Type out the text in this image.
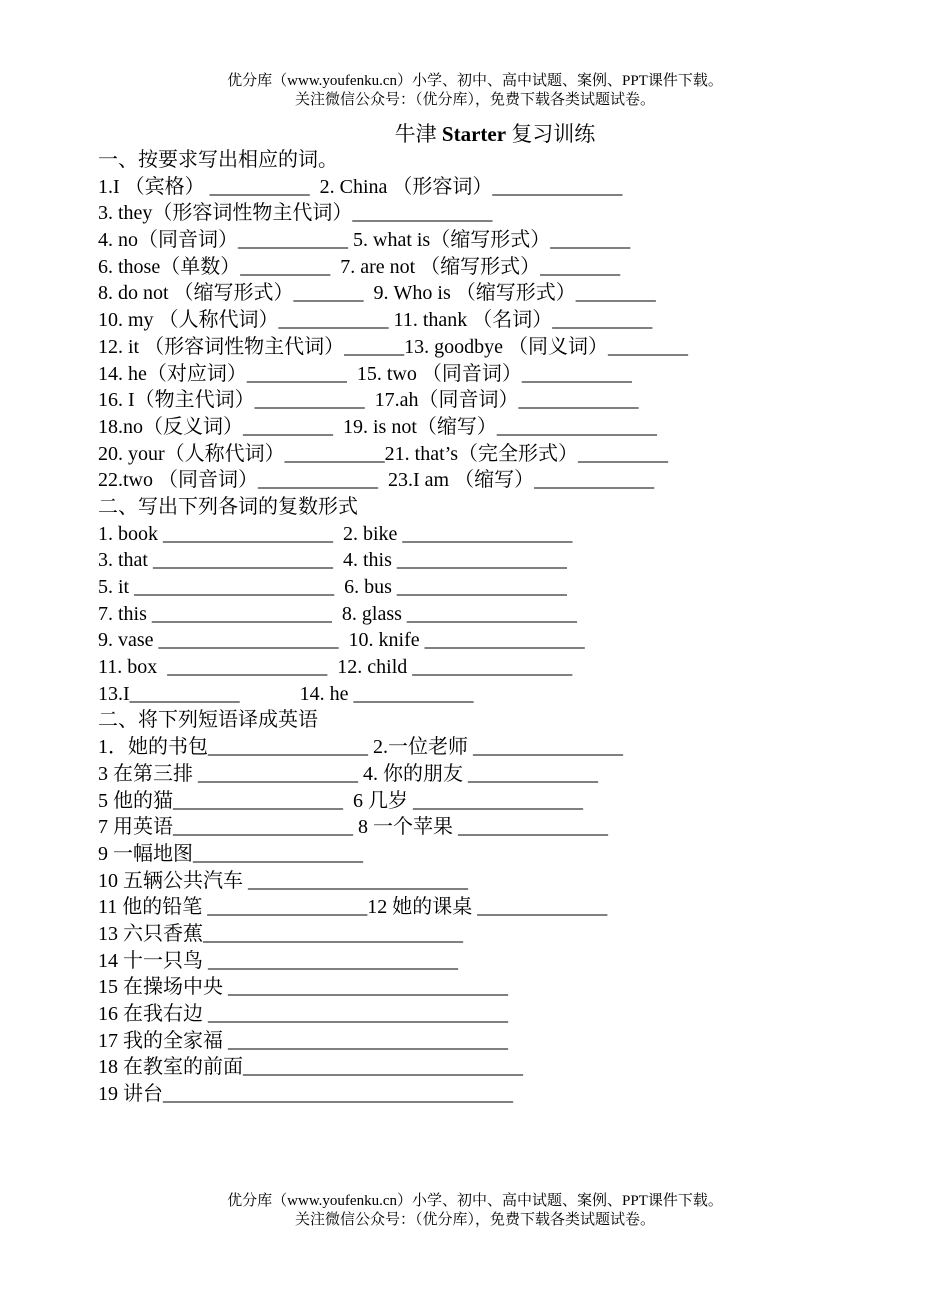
优分库（www.youfenku.cn）小学、初中、高中试题、案例、PPT课件下载。
关注微信公众号：（优分库），免费下载各类试题试卷。
牛津 Starter 复习训练
一、按要求写出相应的词。
1.I （宾格） __________  2. China （形容词）_____________
3. they（形容词性物主代词）______________
4. no（同音词）___________ 5. what is（缩写形式）________
6. those（单数）_________  7. are not （缩写形式）________
8. do not （缩写形式）_______  9. Who is （缩写形式）________
10. my （人称代词）___________ 11. thank （名词）__________
12. it （形容词性物主代词）______13. goodbye （同义词）________
14. he（对应词）__________  15. two （同音词）___________
16. I（物主代词）___________  17.ah（同音词）____________
18.no（反义词）_________  19. is not（缩写）________________
20. your（人称代词）__________21. that’s（完全形式）_________
22.two （同音词）____________  23.I am （缩写）____________
二、写出下列各词的复数形式
1. book _________________  2. bike _________________
3. that __________________  4. this _________________
5. it ____________________  6. bus _________________
7. this __________________  8. glass _________________
9. vase __________________  10. knife ________________
11. box  ________________  12. child ________________
13.I___________            14. he ____________
二、将下列短语译成英语
1．她的书包________________ 2.一位老师 _______________
3 在第三排 ________________ 4. 你的朋友 _____________
5 他的猫_________________  6 几岁 _________________
7 用英语__________________ 8 一个苹果 _______________
9 一幅地图_________________
10 五辆公共汽车 ______________________
11 他的铅笔 ________________12 她的课桌 _____________
13 六只香蕉__________________________
14 十一只鸟 _________________________
15 在操场中央 ____________________________
16 在我右边 ______________________________
17 我的全家福 ____________________________
18 在教室的前面____________________________
19 讲台___________________________________
优分库（www.youfenku.cn）小学、初中、高中试题、案例、PPT课件下载。
关注微信公众号：（优分库），免费下载各类试题试卷。
